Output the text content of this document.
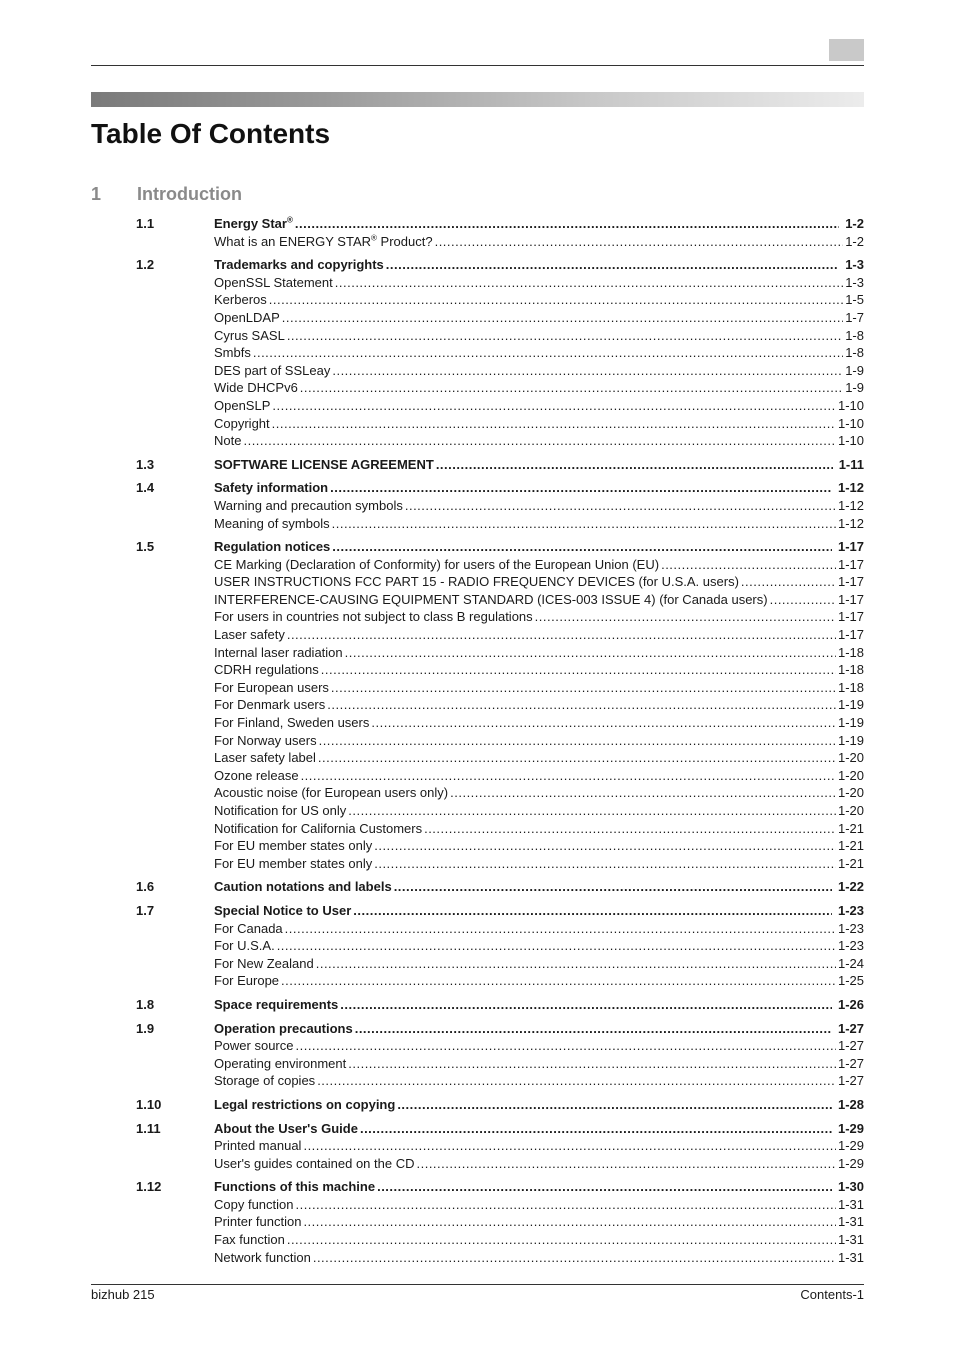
Table Of Contents
1 Introduction
1.1	Energy Star® .....	1-2
What is an ENERGY STAR® Product? .....	1-2
1.2	Trademarks and copyrights .....	1-3
OpenSSL Statement .....	1-3
Kerberos .....	1-5
OpenLDAP .....	1-7
Cyrus SASL .....	1-8
Smbfs .....	1-8
DES part of SSLeay .....	1-9
Wide DHCPv6 .....	1-9
OpenSLP .....	1-10
Copyright .....	1-10
Note .....	1-10
1.3	SOFTWARE LICENSE AGREEMENT .....	1-11
1.4	Safety information .....	1-12
Warning and precaution symbols .....	1-12
Meaning of symbols .....	1-12
1.5	Regulation notices .....	1-17
CE Marking (Declaration of Conformity) for users of the European Union (EU) .....	1-17
USER INSTRUCTIONS FCC PART 15 - RADIO FREQUENCY DEVICES (for U.S.A. users) .....	1-17
INTERFERENCE-CAUSING EQUIPMENT STANDARD (ICES-003 ISSUE 4) (for Canada users) .....	1-17
For users in countries not subject to class B regulations .....	1-17
Laser safety .....	1-17
Internal laser radiation .....	1-18
CDRH regulations .....	1-18
For European users .....	1-18
For Denmark users .....	1-19
For Finland, Sweden users .....	1-19
For Norway users .....	1-19
Laser safety label .....	1-20
Ozone release .....	1-20
Acoustic noise (for European users only) .....	1-20
Notification for US only .....	1-20
Notification for California Customers .....	1-21
For EU member states only .....	1-21
For EU member states only .....	1-21
1.6	Caution notations and labels .....	1-22
1.7	Special Notice to User .....	1-23
For Canada .....	1-23
For U.S.A. .....	1-23
For New Zealand .....	1-24
For Europe .....	1-25
1.8	Space requirements .....	1-26
1.9	Operation precautions .....	1-27
Power source .....	1-27
Operating environment .....	1-27
Storage of copies .....	1-27
1.10	Legal restrictions on copying .....	1-28
1.11	About the User's Guide .....	1-29
Printed manual .....	1-29
User's guides contained on the CD .....	1-29
1.12	Functions of this machine .....	1-30
Copy function .....	1-31
Printer function .....	1-31
Fax function .....	1-31
Network function .....	1-31
bizhub 215	Contents-1
